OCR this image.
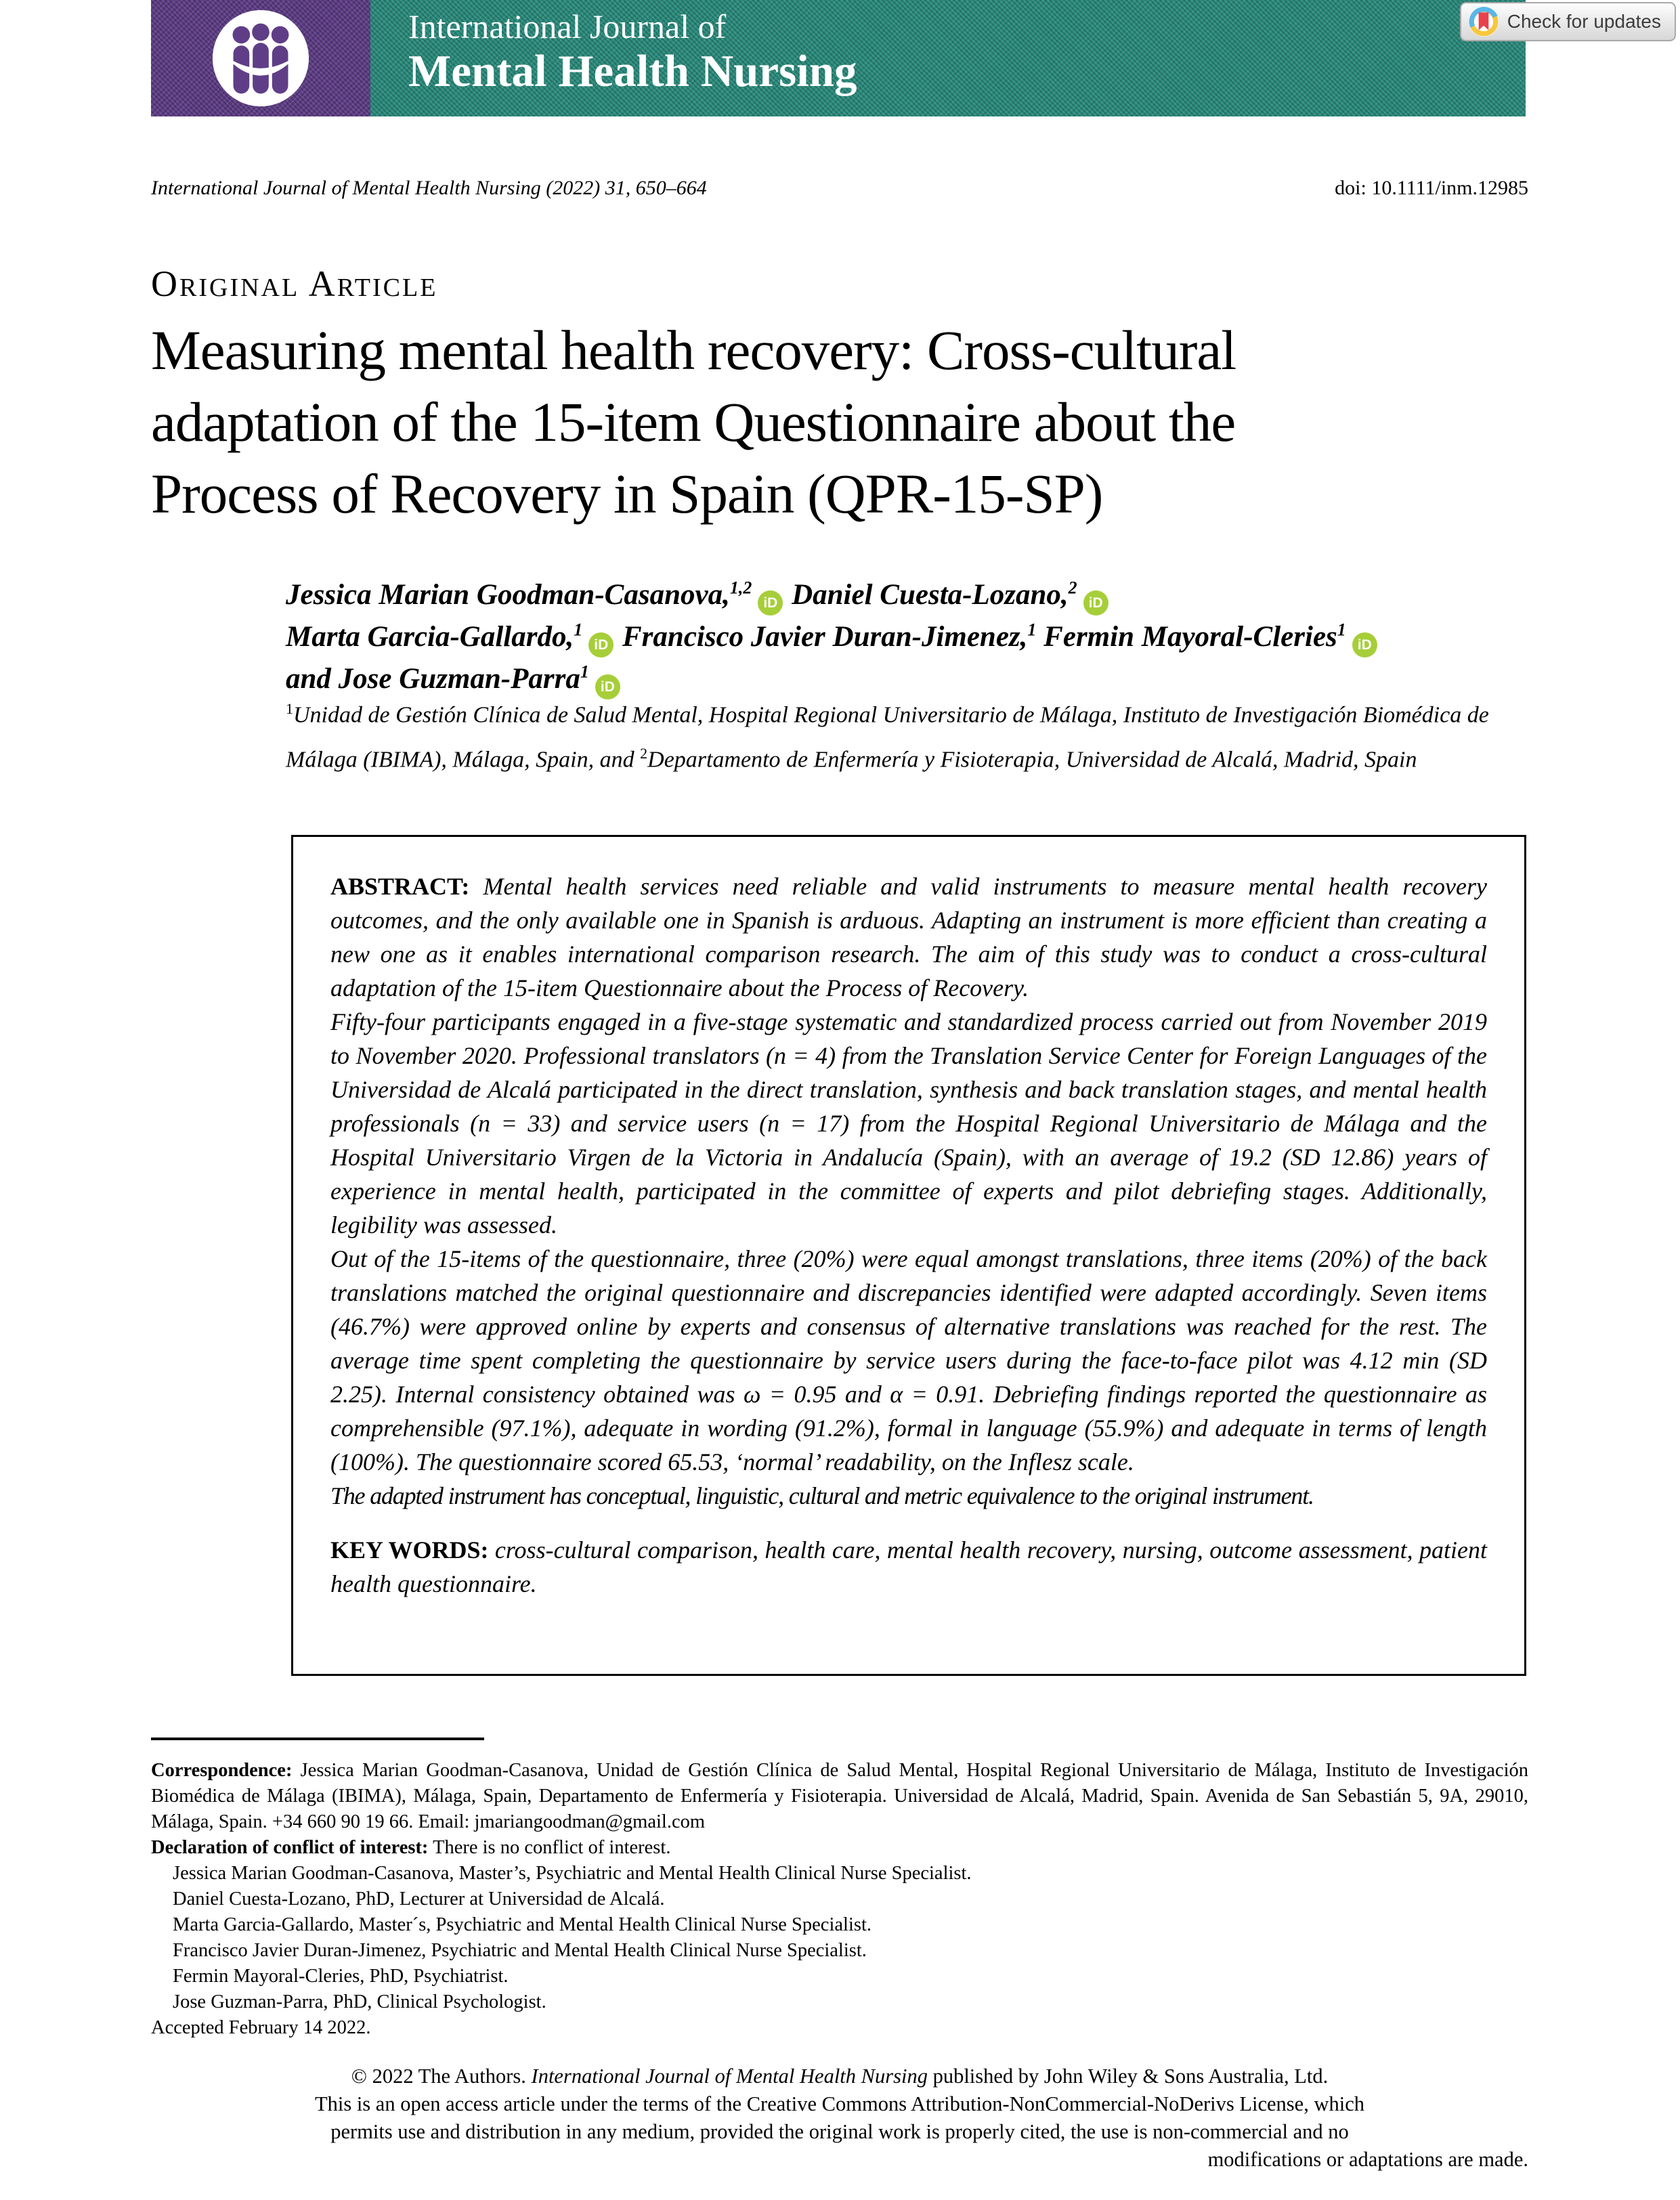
International Journal of
Mental Health Nursing
Check for updates
International Journal of Mental Health Nursing (2022) 31, 650–664	doi: 10.1111/inm.12985
Original Article
Measuring mental health recovery: Cross-cultural
adaptation of the 15-item Questionnaire about the
Process of Recovery in Spain (QPR-15-SP)
Jessica Marian Goodman-Casanova,$^{1,2}$iD Daniel Cuesta-Lozano,$^2$iD
Marta Garcia-Gallardo,$^1$iD Francisco Javier Duran-Jimenez,$^1$ Fermin Mayoral-Cleries$^1$iD
and Jose Guzman-Parra$^1$iD
$^1$Unidad de Gestión Clínica de Salud Mental, Hospital Regional Universitario de Málaga, Instituto de Investigación Biomédica de Málaga (IBIMA), Málaga, Spain, and $^2$Departamento de Enfermería y Fisioterapia, Universidad de Alcalá, Madrid, Spain

ABSTRACT: Mental health services need reliable and valid instruments to measure mental health recovery outcomes, and the only available one in Spanish is arduous. Adapting an instrument is more efficient than creating a new one as it enables international comparison research. The aim of this study was to conduct a cross-cultural adaptation of the 15-item Questionnaire about the Process of Recovery.

Fifty-four participants engaged in a five-stage systematic and standardized process carried out from November 2019 to November 2020. Professional translators (n = 4) from the Translation Service Center for Foreign Languages of the Universidad de Alcalá participated in the direct translation, synthesis and back translation stages, and mental health professionals (n = 33) and service users (n = 17) from the Hospital Regional Universitario de Málaga and the Hospital Universitario Virgen de la Victoria in Andalucía (Spain), with an average of 19.2 (SD 12.86) years of experience in mental health, participated in the committee of experts and pilot debriefing stages. Additionally, legibility was assessed.

Out of the 15-items of the questionnaire, three (20%) were equal amongst translations, three items (20%) of the back translations matched the original questionnaire and discrepancies identified were adapted accordingly. Seven items (46.7%) were approved online by experts and consensus of alternative translations was reached for the rest. The average time spent completing the questionnaire by service users during the face-to-face pilot was 4.12 min (SD 2.25). Internal consistency obtained was ω = 0.95 and α = 0.91. Debriefing findings reported the questionnaire as comprehensible (97.1%), adequate in wording (91.2%), formal in language (55.9%) and adequate in terms of length (100%). The questionnaire scored 65.53, ‘normal’ readability, on the Inflesz scale.

The adapted instrument has conceptual, linguistic, cultural and metric equivalence to the original instrument.

KEY WORDS: cross-cultural comparison, health care, mental health recovery, nursing, outcome assessment, patient health questionnaire.

Correspondence: Jessica Marian Goodman-Casanova, Unidad de Gestión Clínica de Salud Mental, Hospital Regional Universitario de Málaga, Instituto de Investigación Biomédica de Málaga (IBIMA), Málaga, Spain, Departamento de Enfermería y Fisioterapia. Universidad de Alcalá, Madrid, Spain. Avenida de San Sebastián 5, 9A, 29010, Málaga, Spain. +34 660 90 19 66. Email: jmariangoodman@gmail.com

Declaration of conflict of interest: There is no conflict of interest.

Jessica Marian Goodman-Casanova, Master’s, Psychiatric and Mental Health Clinical Nurse Specialist.

Daniel Cuesta-Lozano, PhD, Lecturer at Universidad de Alcalá.

Marta Garcia-Gallardo, Master´s, Psychiatric and Mental Health Clinical Nurse Specialist.

Francisco Javier Duran-Jimenez, Psychiatric and Mental Health Clinical Nurse Specialist.

Fermin Mayoral-Cleries, PhD, Psychiatrist.

Jose Guzman-Parra, PhD, Clinical Psychologist.

Accepted February 14 2022.

© 2022 The Authors. International Journal of Mental Health Nursing published by John Wiley & Sons Australia, Ltd.

This is an open access article under the terms of the Creative Commons Attribution-NonCommercial-NoDerivs License, which

permits use and distribution in any medium, provided the original work is properly cited, the use is non-commercial and no

modifications or adaptations are made.
